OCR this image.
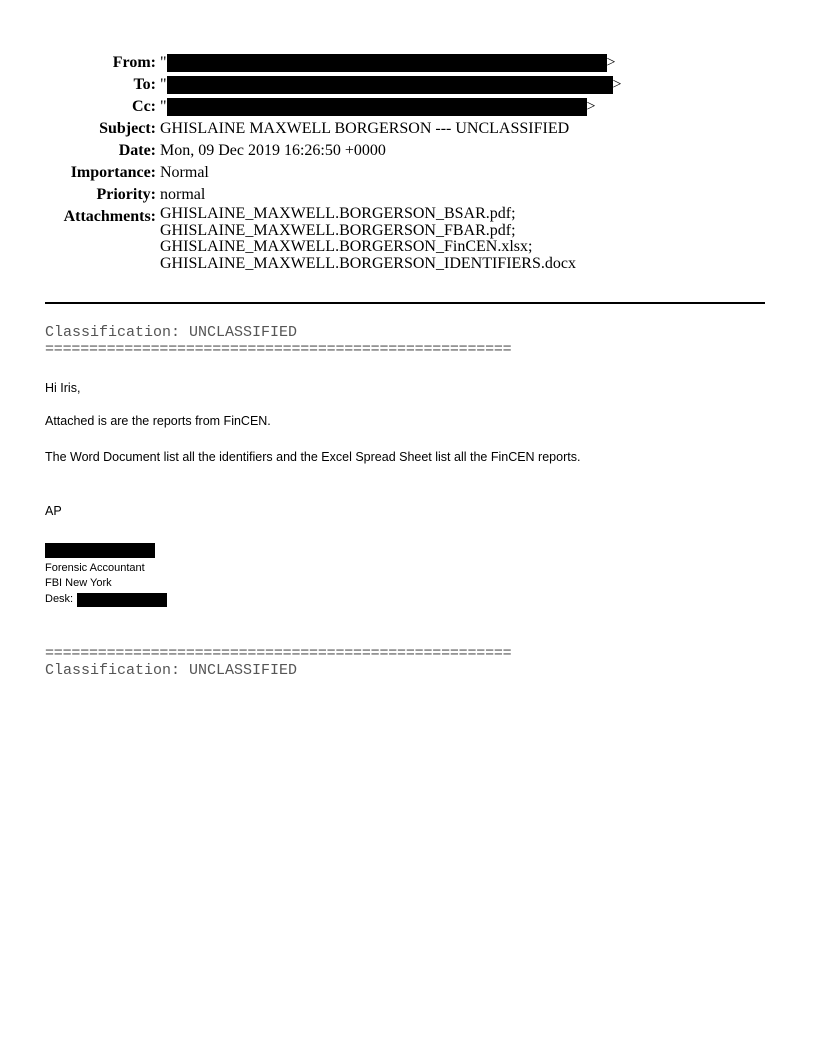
From: "	>
To: "	>
Cc: "	>
Subject: GHISLAINE MAXWELL BORGERSON --- UNCLASSIFIED
Date: Mon, 09 Dec 2019 16:26:50 +0000
Importance: Normal
Priority: normal
Attachments: GHISLAINE_MAXWELL.BORGERSON_BSAR.pdf;
GHISLAINE_MAXWELL.BORGERSON_FBAR.pdf;
GHISLAINE_MAXWELL.BORGERSON_FinCEN.xlsx;
GHISLAINE_MAXWELL.BORGERSON_IDENTIFIERS.docx
Classification: UNCLASSIFIED
=====================================================
Hi Iris,
Attached is are the reports from FinCEN.
The Word Document list all the identifiers and the Excel Spread Sheet list all the FinCEN reports.
AP
Forensic Accountant
FBI New York
Desk:
=====================================================
Classification: UNCLASSIFIED
